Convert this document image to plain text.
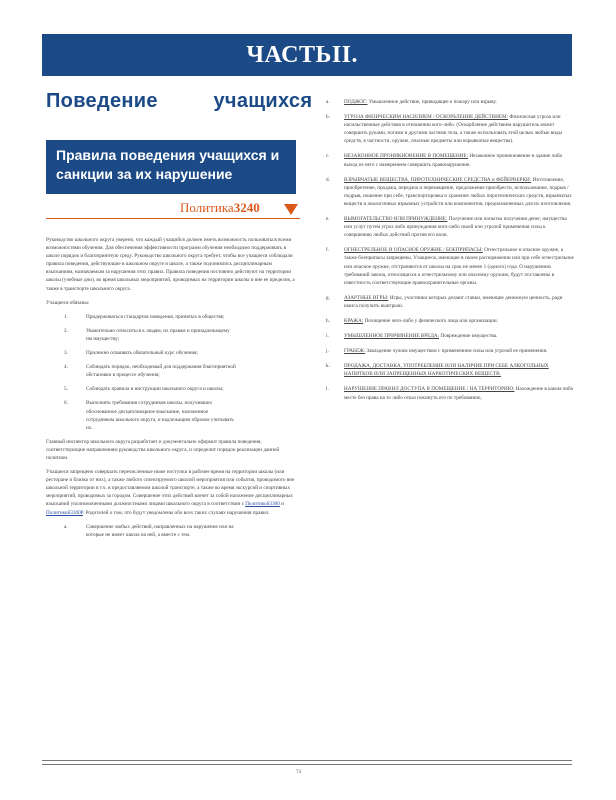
ЧАСТЬII.
Поведение	учащихся
Правила поведения учащихся и санкции за их нарушение
Политика3240

Руководство школьного округа уверено, что каждый учащийся должен иметь возможность пользоваться всеми возможностями обучения. Для обеспечения эффективности программ обучения необходимо поддерживать в школе порядок и благоприятную среду. Руководство школьного округа требует, чтобы все учащиеся соблюдали правила поведения, действующие в школьном округе и школе, а также подчинялись дисциплинарным взысканиям, назначаемым за нарушения этих правил. Правила поведения постоянно действуют на территории школы (учебные дни), во время школьных мероприятий, проводимых на территории школы и вне ее пределов, а также в транспорте школьного округа.

Учащиеся обязаны:

1.	Придерживаться стандартов поведения, принятых в обществе;
2.	Уважительно относиться к людям, их правам и принадлежащему им имуществу;
3.	Прилежно осваивать обязательный курс обучения;
4.	Соблюдать порядок, необходимый для поддержания благоприятной обстановки в процессе обучения;
5.	Соблюдать правила и инструкции школьного округа и школы;
6.	Выполнять требования сотрудников школы, получивших обоснованное дисциплинарное взыскание, наложенное сотрудником школьного округа, и надлежащим образом учитывать их.

Главный инспектор школьного округа разработает и документально оформит правила поведения, соответствующие направлениям руководства школьного округа, и определит порядок реализации данной политики.

Учащиеся запрещено совершать перечисленные ниже поступки в рабочее время на территории школы (или ресторане и близко от них), а также любого спонсируемого школой мероприятия или события, проводимого вне школьной территории в т.ч. в предоставляемом школой транспорте, а также во время экскурсий и спортивных мероприятий, проводимых за городом. Совершение этих действий влечет за собой наложение дисциплинарных взысканий уполномоченными должностными лицами школьного округа в соответствии с Политикой3300 и Политикой3300P. Родителей о том, что будут уведомлены обо всех таких случаях нарушения правил.

a.	Совершение любых действий, направленных на нарушение или на которые не имеет школа на ней, а вместе с тем.
a.	ПОДЖОГ: Умышленное действие, приводящее к пожару или взрыву.
b.	УГРОЗА ФИЗИЧЕСКИМ НАСИЛИЕМ / ОСКОРБЛЕНИЕ ДЕЙСТВИЕМ: Физическая угроза или насильственные действия в отношении кого-либо. (Оскорбление действием нарушитель может совершить руками, ногами и другими частями тела, а также использовать этой целью любые виды средств, в частности, оружие, опасные предметы или взрывчатые вещества).
c.	НЕЗАКОННОЕ ПРОНИКНОВЕНИЕ В ПОМЕЩЕНИЕ: Незаконное проникновение в здание либо выход из него с намерением совершить правонарушение.
d.	ВЗРЫВЧАТЫЕ ВЕЩЕСТВА, ПИРОТЕХНИЧЕСКИЕ СРЕДСТВА и ФЕЙЕРВЕРКИ: Изготовление, приобретение, продажа, передача и перемещение, предложение приобрести, использование, подрыв / подрыв, ношение при себе, транспортировка и хранение любых пиротехнических средств, взрывчатых веществ и аналогичных взрывных устройств или компонентов, предназначенных для их изготовления.
e.	ВЫМОГАТЕЛЬСТВО ИЛИ ПРИНУЖДЕНИЕ: Получение или попытка получения денег, имущества или услуг путем угроз либо принуждения кого-либо своей или угрозой применения силы к совершению любых действий против его воли.
f.	ОГНЕСТРЕЛЬНОЕ И ОПАСНОЕ ОРУЖИЕ / БОЕПРИПАСЫ: Огнестрельное и опасное оружие, а также боеприпасы запрещены. Учащиеся, имеющие в своем распоряжении или при себе огнестрельное или опасное оружие, отстраняются от школы на срок не менее 1 (одного) года. О нарушениях требований закона, относящихся к огнестрельному или опасному оружию, будут поставлены в известность соответствующие правоохранительные органы.
g.	АЗАРТНЫЕ ИГРЫ: Игры, участники которых делают ставки, имеющие денежную ценность, ради шанса получить выигрыш.
h.	КРАЖА: Похищение чего-либо у физического лица или организации.
i.	УМЫШЛЕННОЕ ПРИЧИНЕНИЕ ВРЕДА: Повреждение имущества.
j.	ГРАБЕЖ: Завладение чужим имуществом с применением силы или угрозой ее применения.
k.	ПРОДАЖА, ДОСТАВКА, УПОТРЕБЛЕНИЕ ИЛИ НАЛИЧИЕ ПРИ СЕБЕ АЛКОГОЛЬНЫХ НАПИТКОВ ИЛИ ЗАПРЕЩЕННЫХ НАРКОТИЧЕСКИХ ВЕЩЕСТВ.
l.	НАРУШЕНИЕ ПРАВИЛ ДОСТУПА В ПОМЕЩЕНИЕ / НА ТЕРРИТОРИЮ: Нахождение в каком-либо месте без права на то либо отказ покинуть его по требованию,
74
